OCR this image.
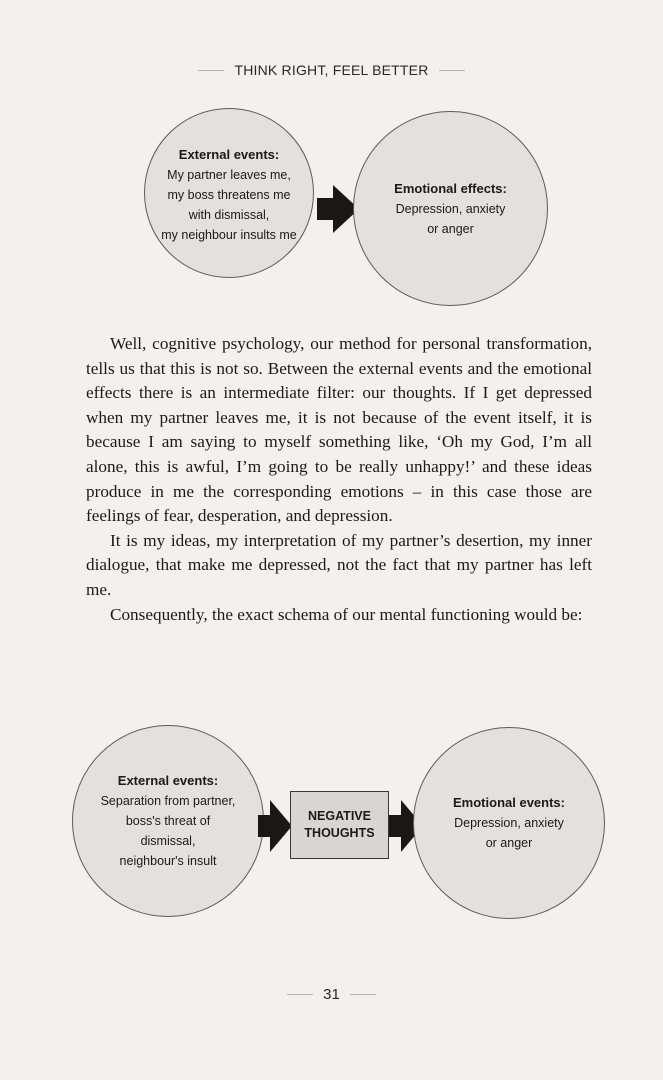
THINK RIGHT, FEEL BETTER
External events:
My partner leaves me,
my boss threatens me
with dismissal,
my neighbour insults me
Emotional effects:
Depression, anxiety
or anger

Well, cognitive psychology, our method for personal transformation, tells us that this is not so. Between the external events and the emotional effects there is an intermediate filter: our thoughts. If I get depressed when my partner leaves me, it is not because of the event itself, it is because I am saying to myself something like, ‘Oh my God, I’m all alone, this is awful, I’m going to be really unhappy!’ and these ideas produce in me the corresponding emotions – in this case those are feelings of fear, desperation, and depression.

It is my ideas, my interpretation of my partner’s desertion, my inner dialogue, that make me depressed, not the fact that my partner has left me.

Consequently, the exact schema of our mental functioning would be:

External events:
Separation from partner,
boss's threat of
dismissal,
neighbour's insult
NEGATIVE
THOUGHTS
Emotional events:
Depression, anxiety
or anger
31
